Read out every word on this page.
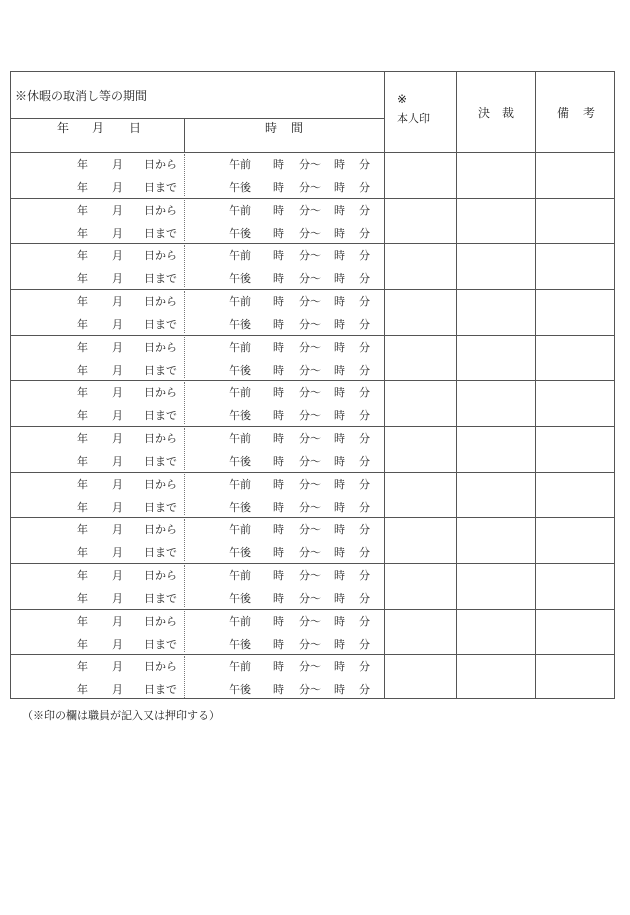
※休暇の取消し等の期間
年 月 日	時 間
※
本人印	決 裁	備 考
年 月 日から	午前 時 分〜 時 分
年 月 日まで	午後 時 分〜 時 分
年 月 日から	午前 時 分〜 時 分
年 月 日まで	午後 時 分〜 時 分
年 月 日から	午前 時 分〜 時 分
年 月 日まで	午後 時 分〜 時 分
年 月 日から	午前 時 分〜 時 分
年 月 日まで	午後 時 分〜 時 分
年 月 日から	午前 時 分〜 時 分
年 月 日まで	午後 時 分〜 時 分
年 月 日から	午前 時 分〜 時 分
年 月 日まで	午後 時 分〜 時 分
年 月 日から	午前 時 分〜 時 分
年 月 日まで	午後 時 分〜 時 分
年 月 日から	午前 時 分〜 時 分
年 月 日まで	午後 時 分〜 時 分
年 月 日から	午前 時 分〜 時 分
年 月 日まで	午後 時 分〜 時 分
年 月 日から	午前 時 分〜 時 分
年 月 日まで	午後 時 分〜 時 分
年 月 日から	午前 時 分〜 時 分
年 月 日まで	午後 時 分〜 時 分
年 月 日から	午前 時 分〜 時 分
年 月 日まで	午後 時 分〜 時 分
（※印の欄は職員が記入又は押印する）
